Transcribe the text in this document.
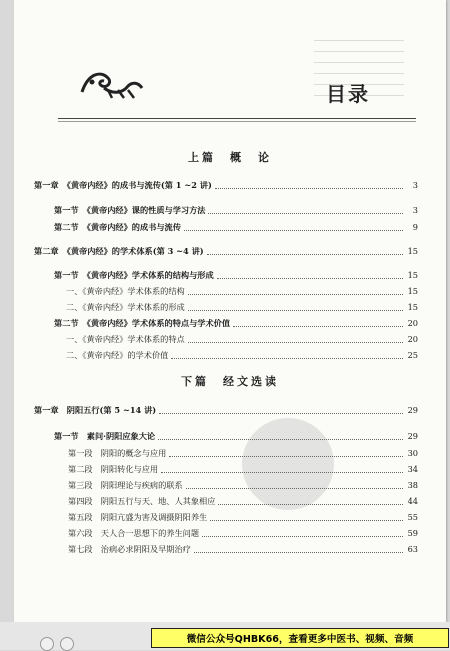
目录
上篇　概　论
第一章　《黄帝内经》的成书与流传(第 1 ~2 讲)	3
第一节　《黄帝内经》课的性质与学习方法	3
第二节　《黄帝内经》的成书与流传	9
第二章　《黄帝内经》的学术体系(第 3 ~4 讲)	15
第一节　《黄帝内经》学术体系的结构与形成	15
一、《黄帝内经》学术体系的结构	15
二、《黄帝内经》学术体系的形成	15
第二节　《黄帝内经》学术体系的特点与学术价值	20
一、《黄帝内经》学术体系的特点	20
二、《黄帝内经》的学术价值	25
下篇　经文选读
第一章　阴阳五行(第 5 ~14 讲)	29
第一节　素问·阴阳应象大论	29
第一段　阴阳的概念与应用	30
第二段　阴阳转化与应用	34
第三段　阴阳理论与疾病的联系	38
第四段　阴阳五行与天、地、人其象相应	44
第五段　阴阳亢盛为害及调摄阴阳养生	55
第六段　天人合一思想下的养生问题	59
第七段　治病必求阴阳及早期治疗	63
微信公众号QHBK66，查看更多中医书、视频、音频
